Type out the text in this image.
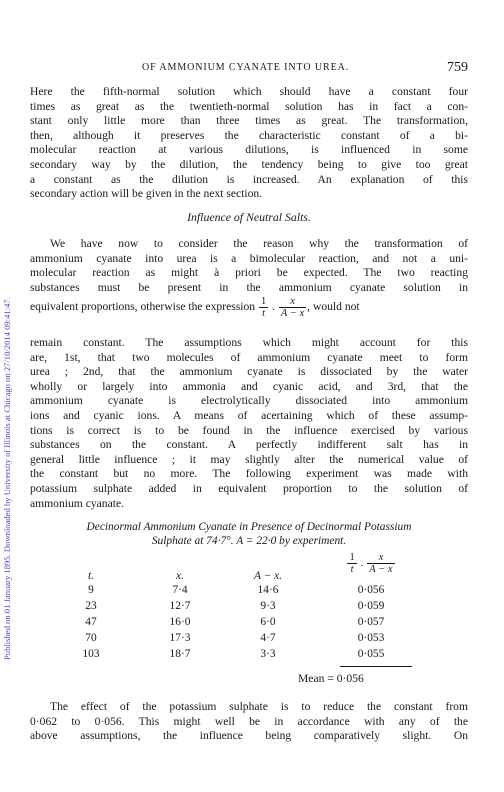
Published on 01 January 1895. Downloaded by University of Illinois at Chicago on 27/10/2014 09:41:47.
OF AMMONIUM CYANATE INTO UREA.	759
Here the fifth-normal solution which should have a constant four
times as great as the twentieth-normal solution has in fact a con-
stant only little more than three times as great. The transformation,
then, although it preserves the characteristic constant of a bi-
molecular reaction at various dilutions, is influenced in some
secondary way by the dilution, the tendency being to give too great
a constant as the dilution is increased. An explanation of this
secondary action will be given in the next section.
Influence of Neutral Salts.
We have now to consider the reason why the transformation of
ammonium cyanate into urea is a bimolecular reaction, and not a uni-
molecular reaction as might à priori be expected. The two reacting
substances must be present in the ammonium cyanate solution in
equivalent proportions, otherwise the expression $\frac{1}{t}$ . $\frac{x}{A - x}$ , would not
remain constant. The assumptions which might account for this
are, 1st, that two molecules of ammonium cyanate meet to form
urea ; 2nd, that the ammonium cyanate is dissociated by the water
wholly or largely into ammonia and cyanic acid, and 3rd, that the
ammonium cyanate is electrolytically dissociated into ammonium
ions and cyanic ions. A means of acertaining which of these assump-
tions is correct is to be found in the influence exercised by various
substances on the constant. A perfectly indifferent salt has in
general little influence ; it may slightly alter the numerical value of
the constant but no more. The following experiment was made with
potassium sulphate added in equivalent proportion to the solution of
ammonium cyanate.
Decinormal Ammonium Cyanate in Presence of Decinormal Potassium
Sulphate at 74·7°. A = 22·0 by experiment.
$\frac{1}{t}$ . $\frac{x}{A - x}$
t.	x.	A − x.
9	7·4	14·6	0·056
23	12·7	9·3	0·059
47	16·0	6·0	0·057
70	17·3	4·7	0·053
103	18·7	3·3	0·055
Mean = 0·056
The effect of the potassium sulphate is to reduce the constant from
0·062 to 0·056. This might well be in accordance with any of the
above assumptions, the influence being comparatively slight. On
